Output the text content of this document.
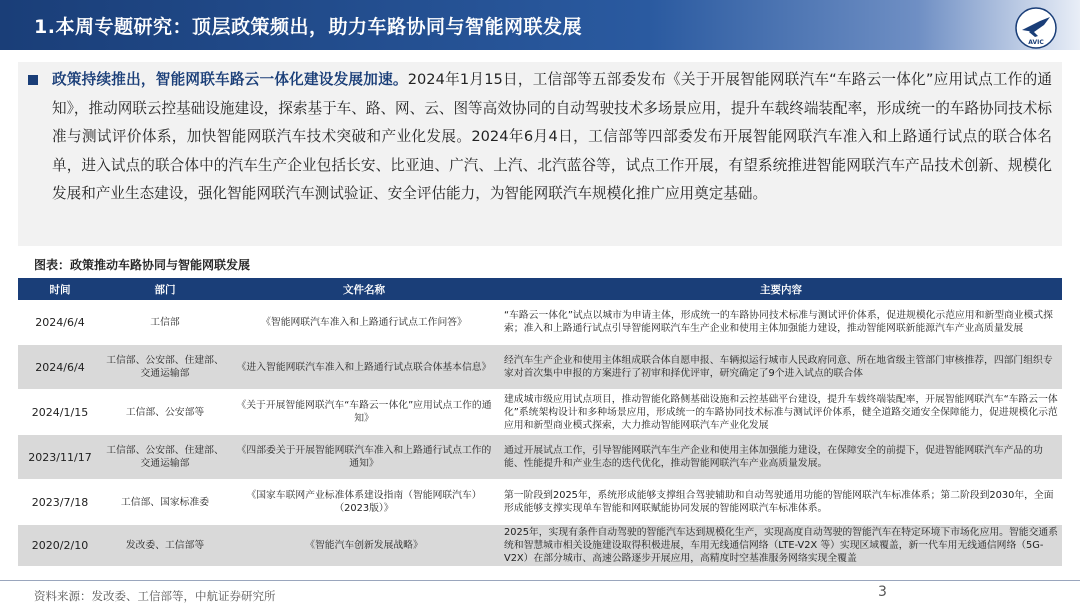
1.本周专题研究：顶层政策频出，助力车路协同与智能网联发展
AVIC

政策持续推出，智能网联车路云一体化建设发展加速。2024年1月15日，工信部等五部委发布《关于开展智能网联汽车“车路云一体化”应用试点工作的通知》，推动网联云控基础设施建设，探索基于车、路、网、云、图等高效协同的自动驾驶技术多场景应用，提升车载终端装配率，形成统一的车路协同技术标准与测试评价体系，加快智能网联汽车技术突破和产业化发展。2024年6月4日，工信部等四部委发布开展智能网联汽车准入和上路通行试点的联合体名单，进入试点的联合体中的汽车生产企业包括长安、比亚迪、广汽、上汽、北汽蓝谷等，试点工作开展，有望系统推进智能网联汽车产品技术创新、规模化发展和产业生态建设，强化智能网联汽车测试验证、安全评估能力，为智能网联汽车规模化推广应用奠定基础。

图表：政策推动车路协同与智能网联发展
时间	部门	文件名称	主要内容
2024/6/4	工信部	《智能网联汽车准入和上路通行试点工作问答》	“车路云一体化”试点以城市为申请主体，形成统一的车路协同技术标准与测试评价体系，促进规模化示范应用和新型商业模式探索；准入和上路通行试点引导智能网联汽车生产企业和使用主体加强能力建设，推动智能网联新能源汽车产业高质量发展
2024/6/4	工信部、公安部、住建部、交通运输部	《进入智能网联汽车准入和上路通行试点联合体基本信息》	经汽车生产企业和使用主体组成联合体自愿申报、车辆拟运行城市人民政府同意、所在地省级主管部门审核推荐，四部门组织专家对首次集中申报的方案进行了初审和择优评审，研究确定了9个进入试点的联合体
2024/1/15	工信部、公安部等	《关于开展智能网联汽车“车路云一体化”应用试点工作的通知》	建成城市级应用试点项目，推动智能化路侧基础设施和云控基础平台建设，提升车载终端装配率，开展智能网联汽车“车路云一体化”系统架构设计和多种场景应用，形成统一的车路协同技术标准与测试评价体系，健全道路交通安全保障能力，促进规模化示范应用和新型商业模式探索，大力推动智能网联汽车产业化发展
2023/11/17	工信部、公安部、住建部、交通运输部	《四部委关于开展智能网联汽车准入和上路通行试点工作的通知》	通过开展试点工作，引导智能网联汽车生产企业和使用主体加强能力建设，在保障安全的前提下，促进智能网联汽车产品的功能、性能提升和产业生态的迭代优化，推动智能网联汽车产业高质量发展。
2023/7/18	工信部、国家标准委	《国家车联网产业标准体系建设指南（智能网联汽车）（2023版）》	第一阶段到2025年，系统形成能够支撑组合驾驶辅助和自动驾驶通用功能的智能网联汽车标准体系；第二阶段到2030年，全面形成能够支撑实现单车智能和网联赋能协同发展的智能网联汽车标准体系。
2020/2/10	发改委、工信部等	《智能汽车创新发展战略》	2025年，实现有条件自动驾驶的智能汽车达到规模化生产，实现高度自动驾驶的智能汽车在特定环境下市场化应用。智能交通系统和智慧城市相关设施建设取得积极进展，车用无线通信网络（LTE-V2X 等）实现区域覆盖，新一代车用无线通信网络（5G-V2X）在部分城市、高速公路逐步开展应用，高精度时空基准服务网络实现全覆盖
资料来源：发改委、工信部等，中航证券研究所	3
